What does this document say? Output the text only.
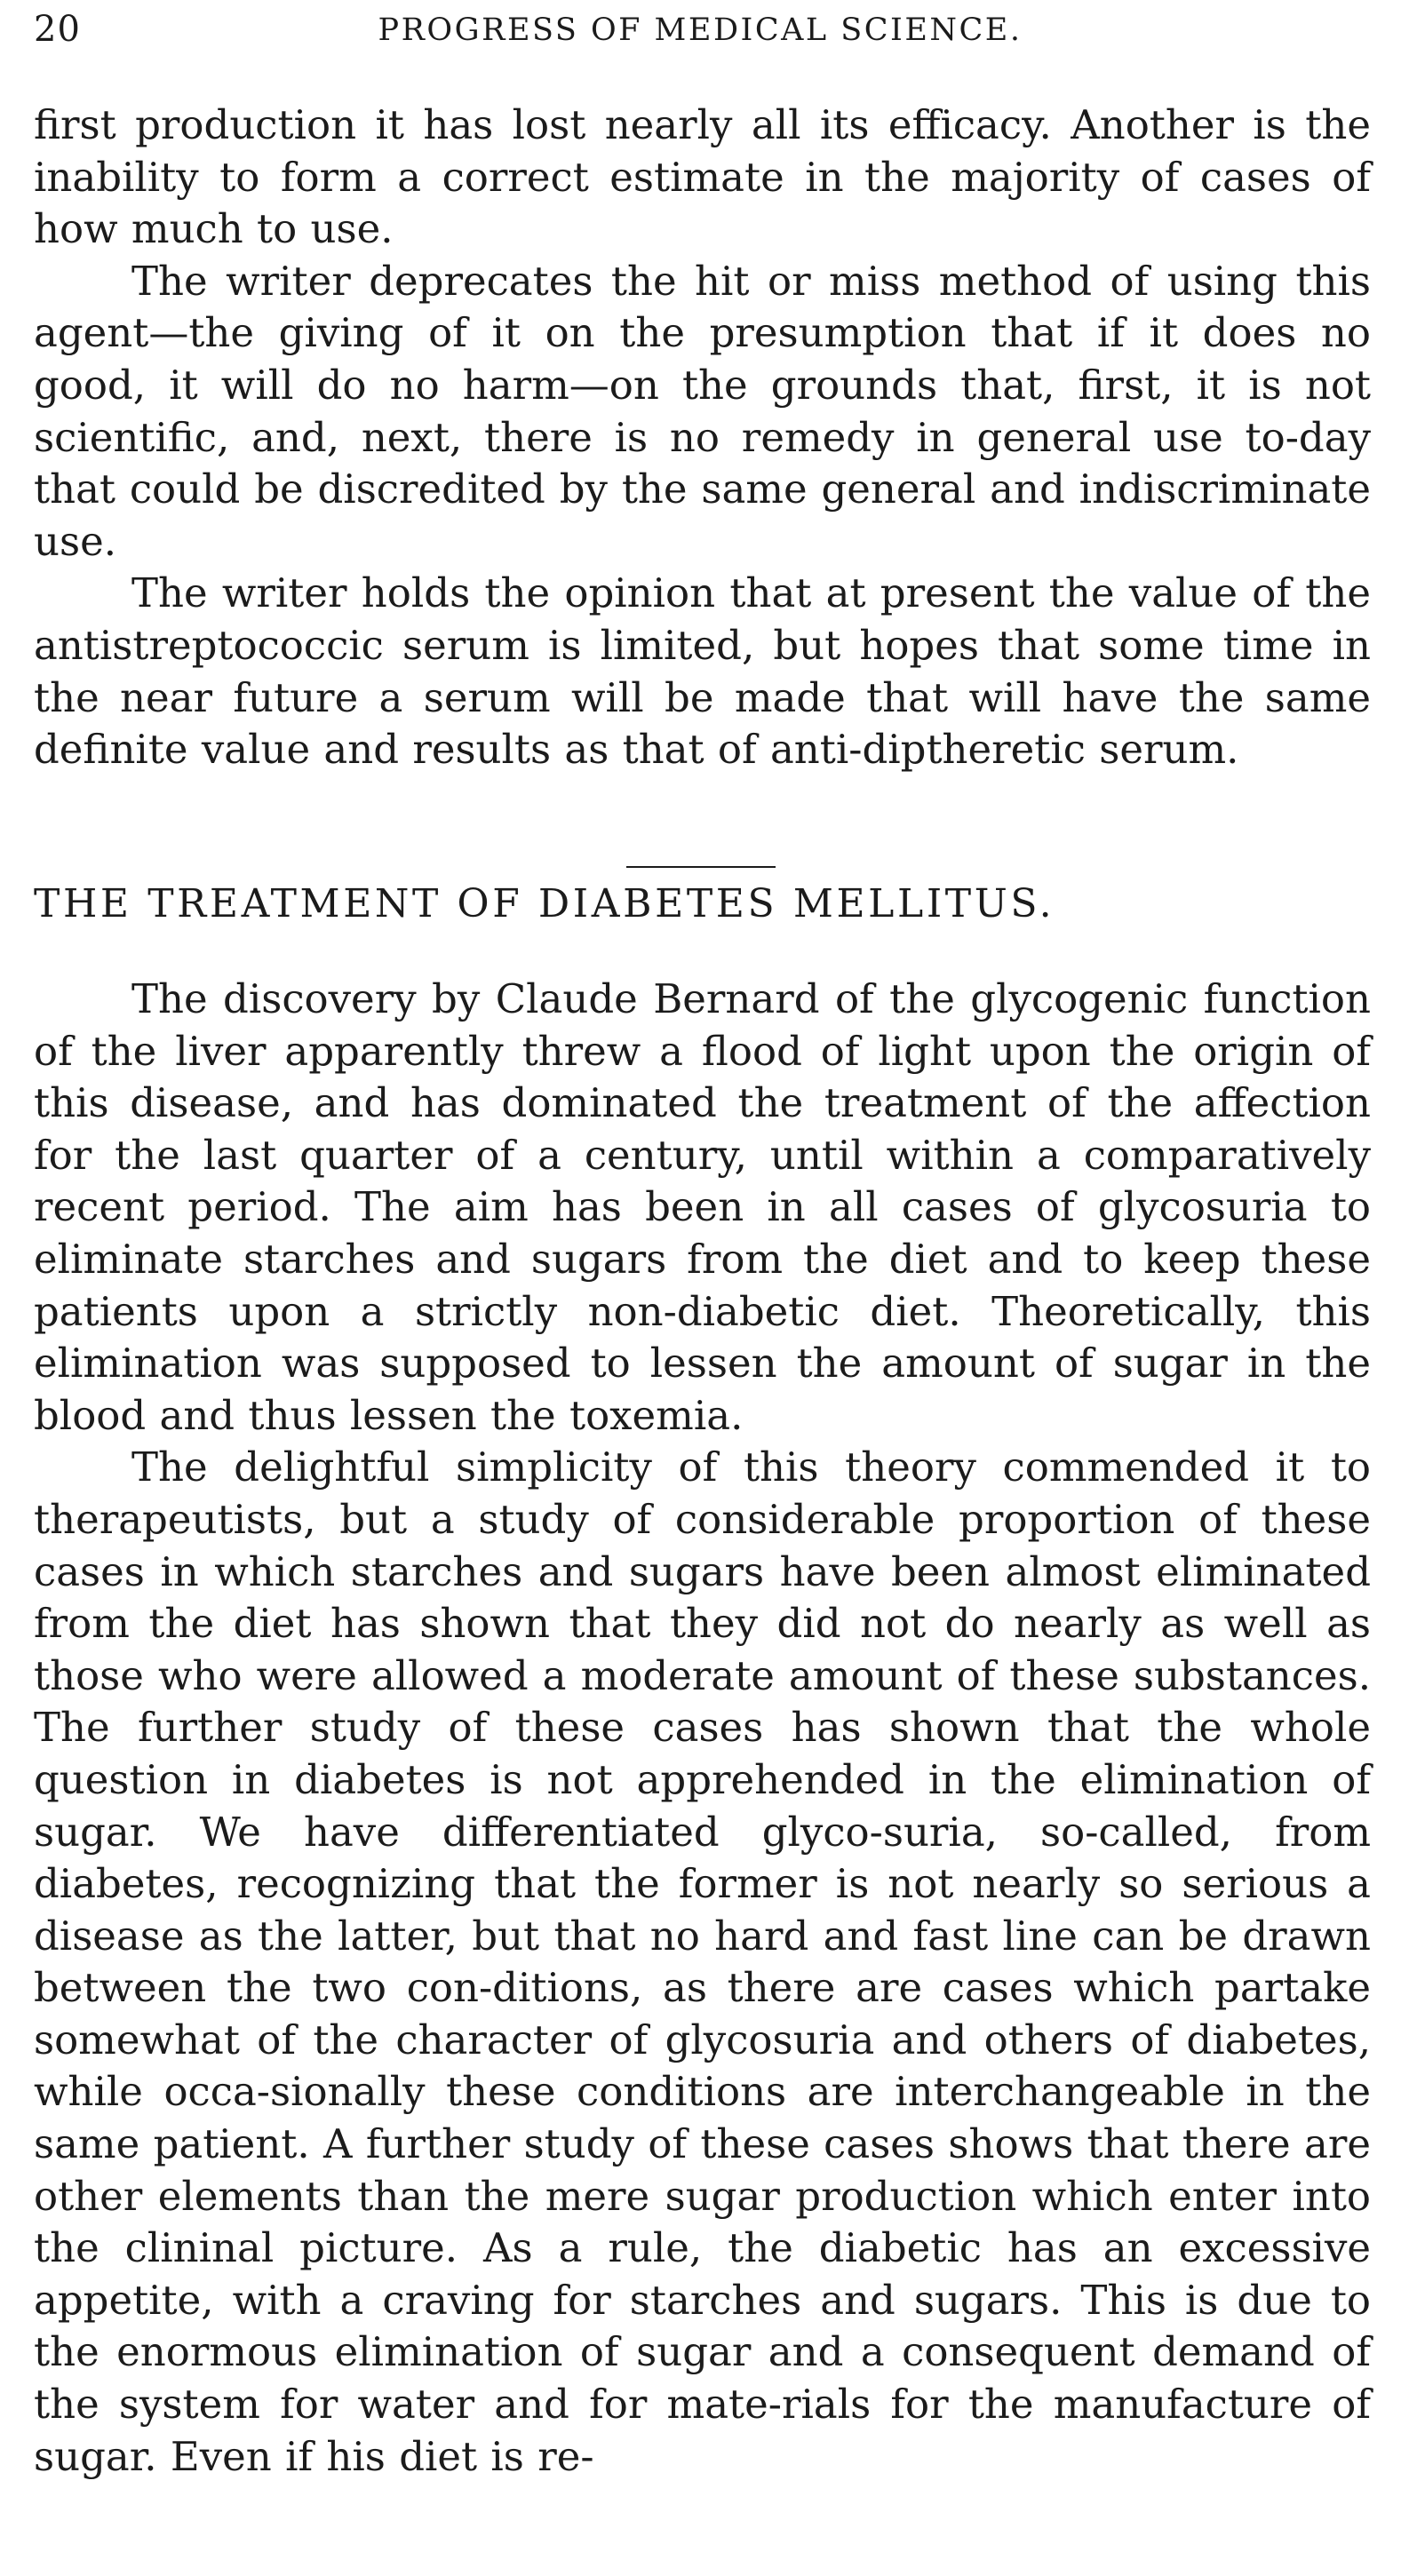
20	PROGRESS OF MEDICAL SCIENCE.

first production it has lost nearly all its efficacy. Another is the inability to form a correct estimate in the majority of cases of how much to use.

The writer deprecates the hit or miss method of using this agent—the giving of it on the presumption that if it does no good, it will do no harm—on the grounds that, first, it is not scientific, and, next, there is no remedy in general use to-day that could be discredited by the same general and indiscriminate use.

The writer holds the opinion that at present the value of the antistreptococcic serum is limited, but hopes that some time in the near future a serum will be made that will have the same definite value and results as that of anti-diptheretic serum.

THE TREATMENT OF DIABETES MELLITUS.

The discovery by Claude Bernard of the glycogenic function of the liver apparently threw a flood of light upon the origin of this disease, and has dominated the treatment of the affection for the last quarter of a century, until within a comparatively recent period. The aim has been in all cases of glycosuria to eliminate starches and sugars from the diet and to keep these patients upon a strictly non-diabetic diet. Theoretically, this elimination was supposed to lessen the amount of sugar in the blood and thus lessen the toxemia.

The delightful simplicity of this theory commended it to therapeutists, but a study of considerable proportion of these cases in which starches and sugars have been almost eliminated from the diet has shown that they did not do nearly as well as those who were allowed a moderate amount of these substances. The further study of these cases has shown that the whole question in diabetes is not apprehended in the elimination of sugar. We have differentiated glyco-suria, so-called, from diabetes, recognizing that the former is not nearly so serious a disease as the latter, but that no hard and fast line can be drawn between the two con-ditions, as there are cases which partake somewhat of the character of glycosuria and others of diabetes, while occa-sionally these conditions are interchangeable in the same patient. A further study of these cases shows that there are other elements than the mere sugar production which enter into the clininal picture. As a rule, the diabetic has an excessive appetite, with a craving for starches and sugars. This is due to the enormous elimination of sugar and a consequent demand of the system for water and for mate-rials for the manufacture of sugar. Even if his diet is re-
